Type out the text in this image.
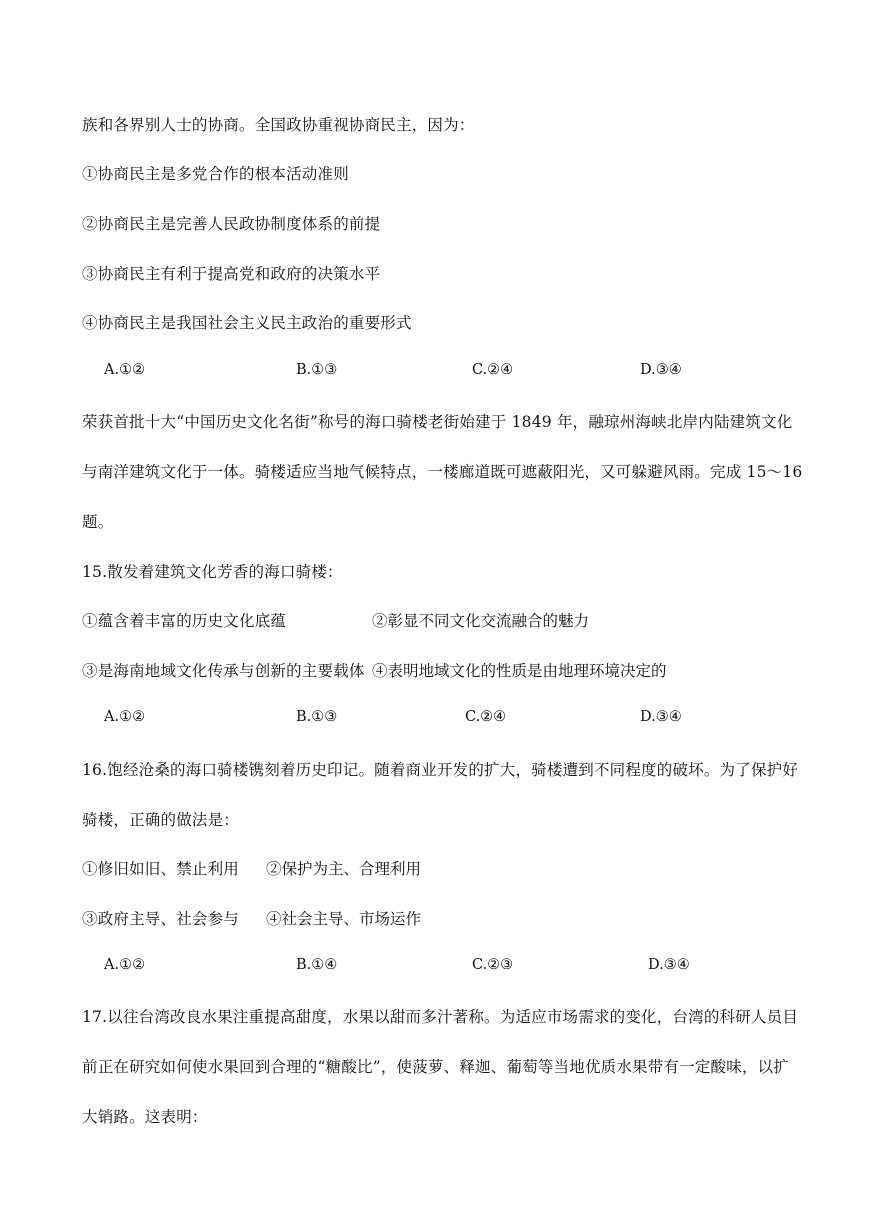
族和各界别人士的协商。全国政协重视协商民主，因为：
①协商民主是多党合作的根本活动准则
②协商民主是完善人民政协制度体系的前提
③协商民主有利于提高党和政府的决策水平
④协商民主是我国社会主义民主政治的重要形式
A.①②	B.①③	C.②④	D.③④
荣获首批十大“中国历史文化名街”称号的海口骑楼老街始建于 1849 年，融琼州海峡北岸内陆建筑文化
与南洋建筑文化于一体。骑楼适应当地气候特点，一楼廊道既可遮蔽阳光，又可躲避风雨。完成 15～16
题。
15.散发着建筑文化芳香的海口骑楼：
①蕴含着丰富的历史文化底蕴	②彰显不同文化交流融合的魅力
③是海南地域文化传承与创新的主要载体 ④表明地域文化的性质是由地理环境决定的
A.①②	B.①③	C.②④	D.③④
16.饱经沧桑的海口骑楼镌刻着历史印记。随着商业开发的扩大，骑楼遭到不同程度的破坏。为了保护好
骑楼，正确的做法是：
①修旧如旧、禁止利用 ②保护为主、合理利用
③政府主导、社会参与 ④社会主导、市场运作
A.①②	B.①④	C.②③	D.③④
17.以往台湾改良水果注重提高甜度，水果以甜而多汁著称。为适应市场需求的变化，台湾的科研人员目
前正在研究如何使水果回到合理的“糖酸比”，使菠萝、释迦、葡萄等当地优质水果带有一定酸味，以扩
大销路。这表明：
